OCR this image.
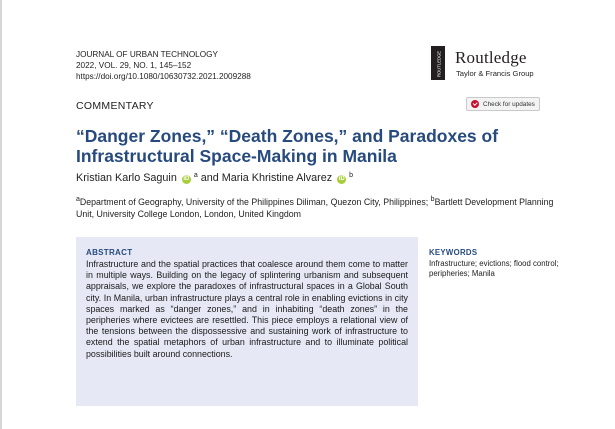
JOURNAL OF URBAN TECHNOLOGY
2022, VOL. 29, NO. 1, 145–152
https://doi.org/10.1080/10630732.2021.2009288	ROUTLEDGE Routledge
Taylor & Francis Group
COMMENTARY	Check for updates
“Danger Zones,” “Death Zones,” and Paradoxes of Infrastructural Space-Making in Manila
Kristian Karlo Saguin iD $^a$ and Maria Khristine Alvarez iD $^b$
$^a$Department of Geography, University of the Philippines Diliman, Quezon City, Philippines; $^b$Bartlett Development Planning Unit, University College London, London, United Kingdom
ABSTRACT
Infrastructure and the spatial practices that coalesce around them come to matter in multiple ways. Building on the legacy of splintering urbanism and subsequent appraisals, we explore the paradoxes of infrastructural spaces in a Global South city. In Manila, urban infrastructure plays a central role in enabling evictions in city spaces marked as “danger zones,” and in inhabiting “death zones” in the peripheries where evictees are resettled. This piece employs a relational view of the tensions between the dispossessive and sustaining work of infrastructure to extend the spatial metaphors of urban infrastructure and to illuminate political possibilities built around connections.
KEYWORDS
Infrastructure; evictions; flood control; peripheries; Manila
